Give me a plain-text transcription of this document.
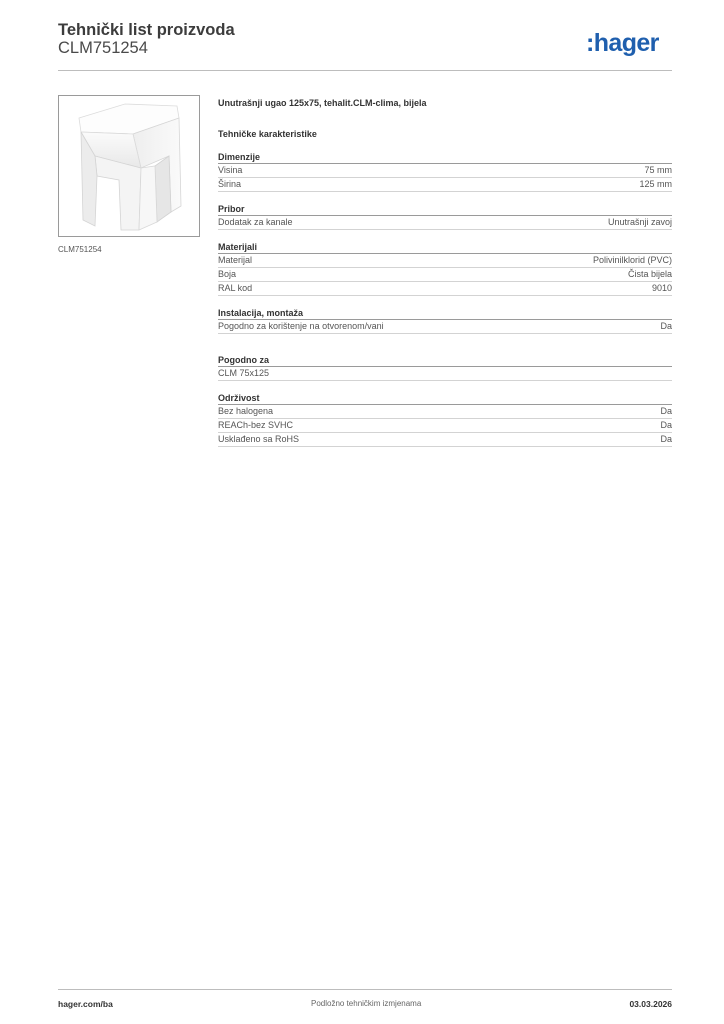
Tehnički list proizvoda
CLM751254	:hager
CLM751254
Unutrašnji ugao 125x75, tehalit.CLM-clima, bijela
Tehničke karakteristike
Dimenzije
Visina	75 mm
Širina	125 mm
Pribor
Dodatak za kanale	Unutrašnji zavoj
Materijali
Materijal	Polivinilklorid (PVC)
Boja	Čista bijela
RAL kod	9010
Instalacija, montaža
Pogodno za korištenje na otvorenom/vani	Da
Pogodno za
CLM 75x125
Održivost
Bez halogena	Da
REACh-bez SVHC	Da
Usklađeno sa RoHS	Da
hager.com/ba	Podložno tehničkim izmjenama	03.03.2026
